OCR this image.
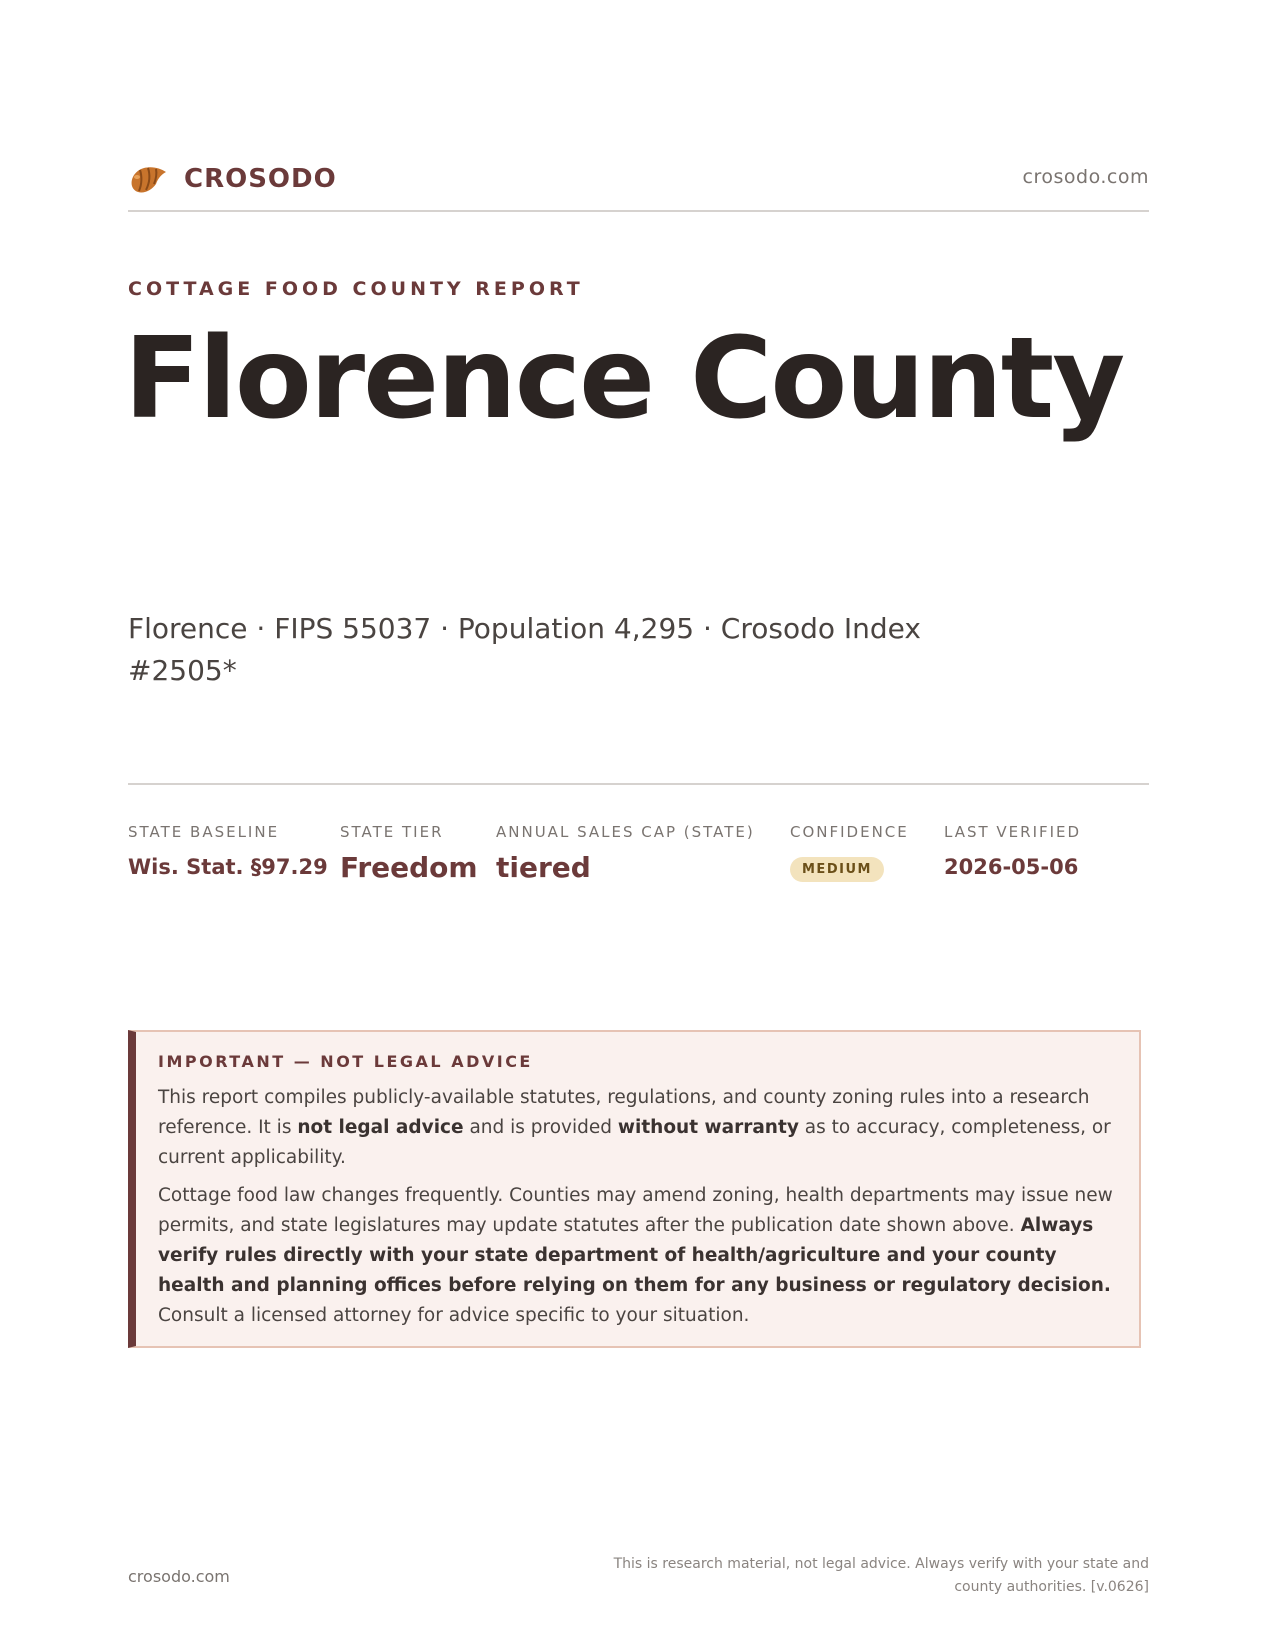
CROSODO	crosodo.com
COTTAGE FOOD COUNTY REPORT
Florence County
Florence · FIPS 55037 · Population 4,295 · Crosodo Index #2505*
STATE BASELINE
Wis. Stat. §97.29
STATE TIER
Freedom
ANNUAL SALES CAP (STATE)
tiered
CONFIDENCE
MEDIUM
LAST VERIFIED
2026-05-06
IMPORTANT — NOT LEGAL ADVICE

This report compiles publicly-available statutes, regulations, and county zoning rules into a research reference. It is not legal advice and is provided without warranty as to accuracy, completeness, or current applicability.

Cottage food law changes frequently. Counties may amend zoning, health departments may issue new permits, and state legislatures may update statutes after the publication date shown above. Always verify rules directly with your state department of health/agriculture and your county health and planning offices before relying on them for any business or regulatory decision. Consult a licensed attorney for advice specific to your situation.

crosodo.com
This is research material, not legal advice. Always verify with your state and county authorities. [v.0626]
